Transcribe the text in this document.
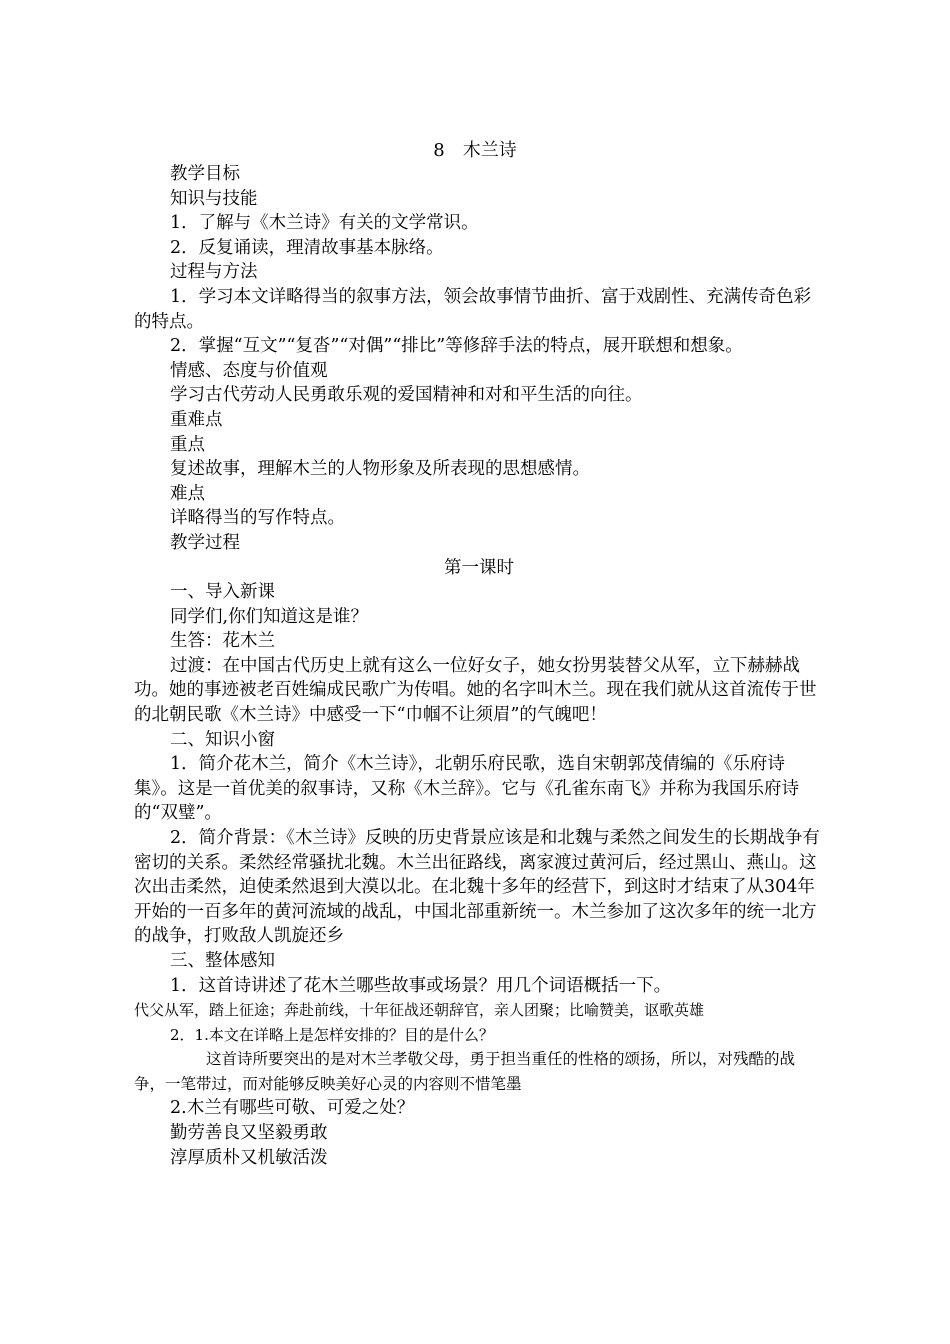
8　木兰诗

教学目标

知识与技能

1．了解与《木兰诗》有关的文学常识。

2．反复诵读，理清故事基本脉络。

过程与方法

1．学习本文详略得当的叙事方法，领会故事情节曲折、富于戏剧性、充满传奇色彩的特点。

2．掌握“互文”“复沓”“对偶”“排比”等修辞手法的特点，展开联想和想象。

情感、态度与价值观

学习古代劳动人民勇敢乐观的爱国精神和对和平生活的向往。

重难点

重点

复述故事，理解木兰的人物形象及所表现的思想感情。

难点

详略得当的写作特点。

教学过程

第一课时

一、导入新课

同学们,你们知道这是谁？

生答：花木兰

过渡：在中国古代历史上就有这么一位好女子，她女扮男装替父从军，立下赫赫战功。她的事迹被老百姓编成民歌广为传唱。她的名字叫木兰。现在我们就从这首流传于世的北朝民歌《木兰诗》中感受一下“巾帼不让须眉”的气魄吧！

二、知识小窗

1．简介花木兰，简介《木兰诗》，北朝乐府民歌，选自宋朝郭茂倩编的《乐府诗集》。这是一首优美的叙事诗，又称《木兰辞》。它与《孔雀东南飞》并称为我国乐府诗的“双璧”。

2．简介背景：《木兰诗》反映的历史背景应该是和北魏与柔然之间发生的长期战争有密切的关系。柔然经常骚扰北魏。木兰出征路线，离家渡过黄河后，经过黑山、燕山。这次出击柔然，迫使柔然退到大漠以北。在北魏十多年的经营下，到这时才结束了从304年开始的一百多年的黄河流域的战乱，中国北部重新统一。木兰参加了这次多年的统一北方的战争，打败敌人凯旋还乡

三、整体感知

1．这首诗讲述了花木兰哪些故事或场景？用几个词语概括一下。

代父从军，踏上征途；奔赴前线，十年征战还朝辞官，亲人团聚；比喻赞美，讴歌英雄

2．1.本文在详略上是怎样安排的？目的是什么？

这首诗所要突出的是对木兰孝敬父母，勇于担当重任的性格的颂扬，所以，对残酷的战争，一笔带过，而对能够反映美好心灵的内容则不惜笔墨

2.木兰有哪些可敬、可爱之处？

勤劳善良又坚毅勇敢

淳厚质朴又机敏活泼
